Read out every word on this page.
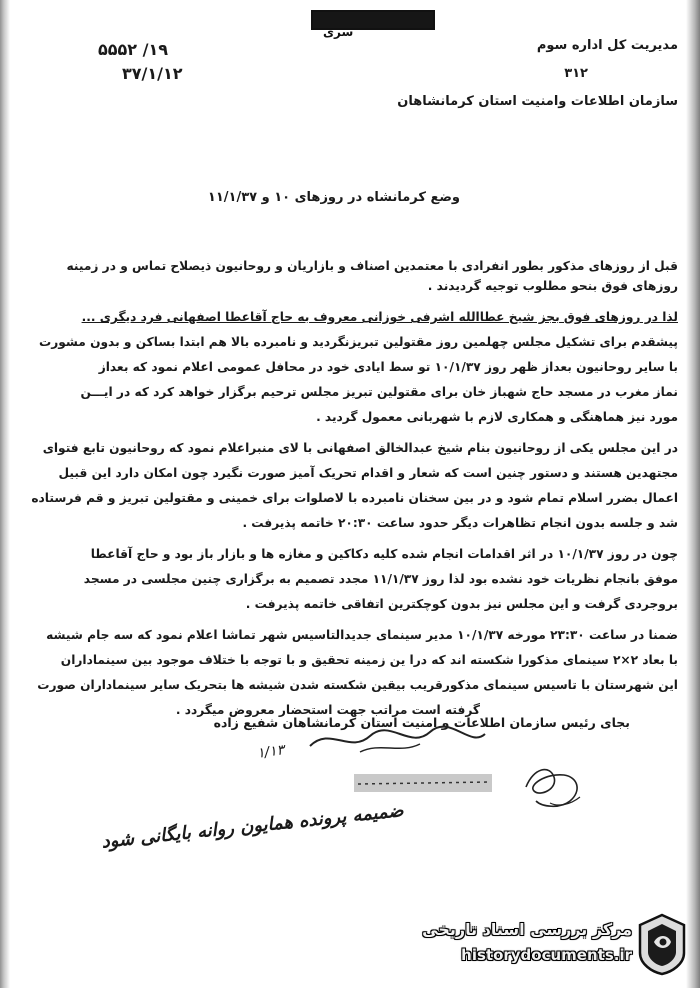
سری
مدیریت کل اداره سوم
۳۱۲
سازمان اطلاعات وامنیت استان کرمانشاهان
۵۵۵۲ /۱۹
۳۷/۱/۱۲
وضع کرمانشاه در روزهای ۱۰ و ۱۱/۱/۳۷
قبل از روزهای مذکور بطور انفرادی با معتمدین اصناف و بازاریان و روحانیون ذیصلاح تماس و در زمینه
روزهای فوق بنحو مطلوب توجیه گردیدند .
لذا در روزهای فوق بجز شیخ عطاالله اشرفی خوزانی معروف به حاج آقاعطا اصفهانی فرد دیگری ...
پیشقدم برای تشکیل مجلس چهلمین روز مقتولین تبریزنگردید و نامبرده بالا هم ابتدا بساکن و بدون مشورت
با سایر روحانیون بعداز ظهر روز ۱۰/۱/۳۷ تو سط ایادی خود در محافل عمومی اعلام نمود که بعداز
نماز مغرب در مسجد حاج شهباز خان برای مقتولین تبریز مجلس ترحیم برگزار خواهد کرد که در ایـــن
مورد نیز هماهنگی و همکاری لازم با شهربانی معمول گردید .
در این مجلس یکی از روحانیون بنام شیخ عبدالخالق اصفهانی با لای منبراعلام نمود که روحانیون تابع فتوای
مجتهدین هستند و دستور چنین است که شعار و اقدام تحریک آمیز صورت نگیرد چون امکان دارد این قبیل
اعمال بضرر اسلام تمام شود و در بین سخنان نامبرده با لاصلوات برای خمینی و مقتولین تبریز و قم فرستاده
شد و جلسه بدون انجام تظاهرات دیگر حدود ساعت ۲۰:۳۰ خاتمه پذیرفت .
چون در روز ۱۰/۱/۳۷ در اثر اقدامات انجام شده کلیه دکاکین و مغازه ها و بازار باز بود و حاج آقاعطا
موفق بانجام نظریات خود نشده بود لذا روز ۱۱/۱/۳۷ مجدد تصمیم به برگزاری چنین مجلسی در مسجد
بروجردی گرفت و این مجلس نیز بدون کوچکترین اتفاقی خاتمه پذیرفت .
ضمنا در ساعت ۲۳:۳۰ مورخه ۱۰/۱/۳۷ مدیر سینمای جدیدالتاسیس شهر تماشا اعلام نمود که سه جام شیشه
با بعاد ۲×۲ سینمای مذکورا شکسته اند که درا ین زمینه تحقیق و با توجه با ختلاف موجود بین سینماداران
این شهرستان با تاسیس سینمای مذکورقریب بیقین شکسته شدن شیشه ها بتحریک سایر سینماداران صورت
گرفته است مراتب جهت استحضار معروض میگردد .
بجای رئیس سازمان اطلاعات و امنیت استان کرمانشاهان شفیع زاده
۱/۱۳
ضمیمه پرونده همایون روانه بایگانی شود
مرکز بررسی اسناد تاریخی
historydocuments.ir
